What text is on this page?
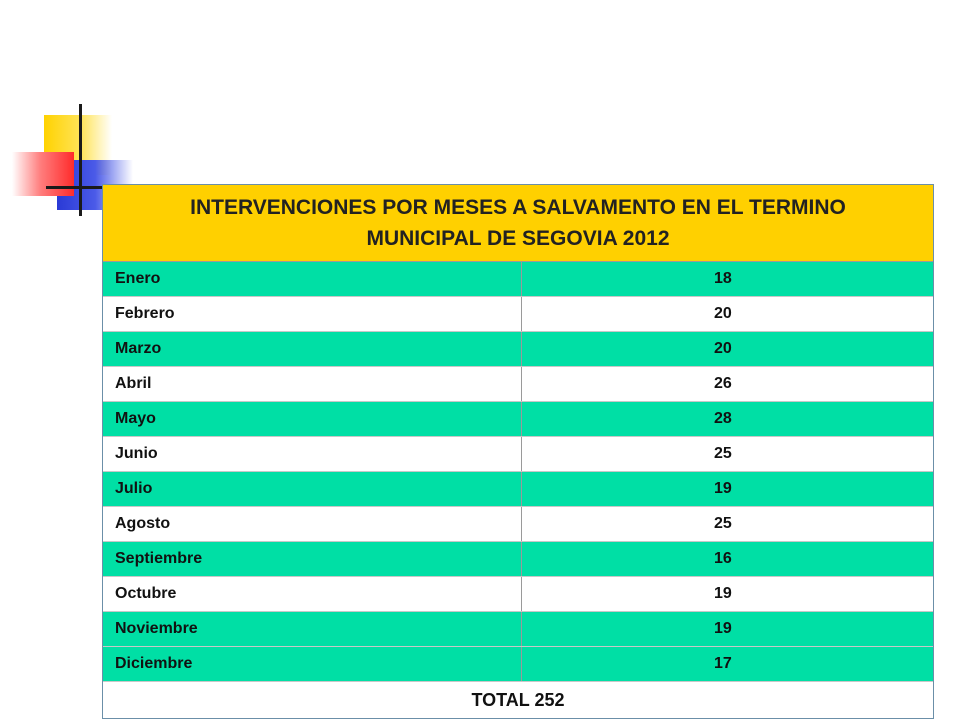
INTERVENCIONES POR MESES A SALVAMENTO EN EL TERMINO MUNICIPAL DE SEGOVIA 2012
Enero	18
Febrero	20
Marzo	20
Abril	26
Mayo	28
Junio	25
Julio	19
Agosto	25
Septiembre	16
Octubre	19
Noviembre	19
Diciembre	17
TOTAL 252
